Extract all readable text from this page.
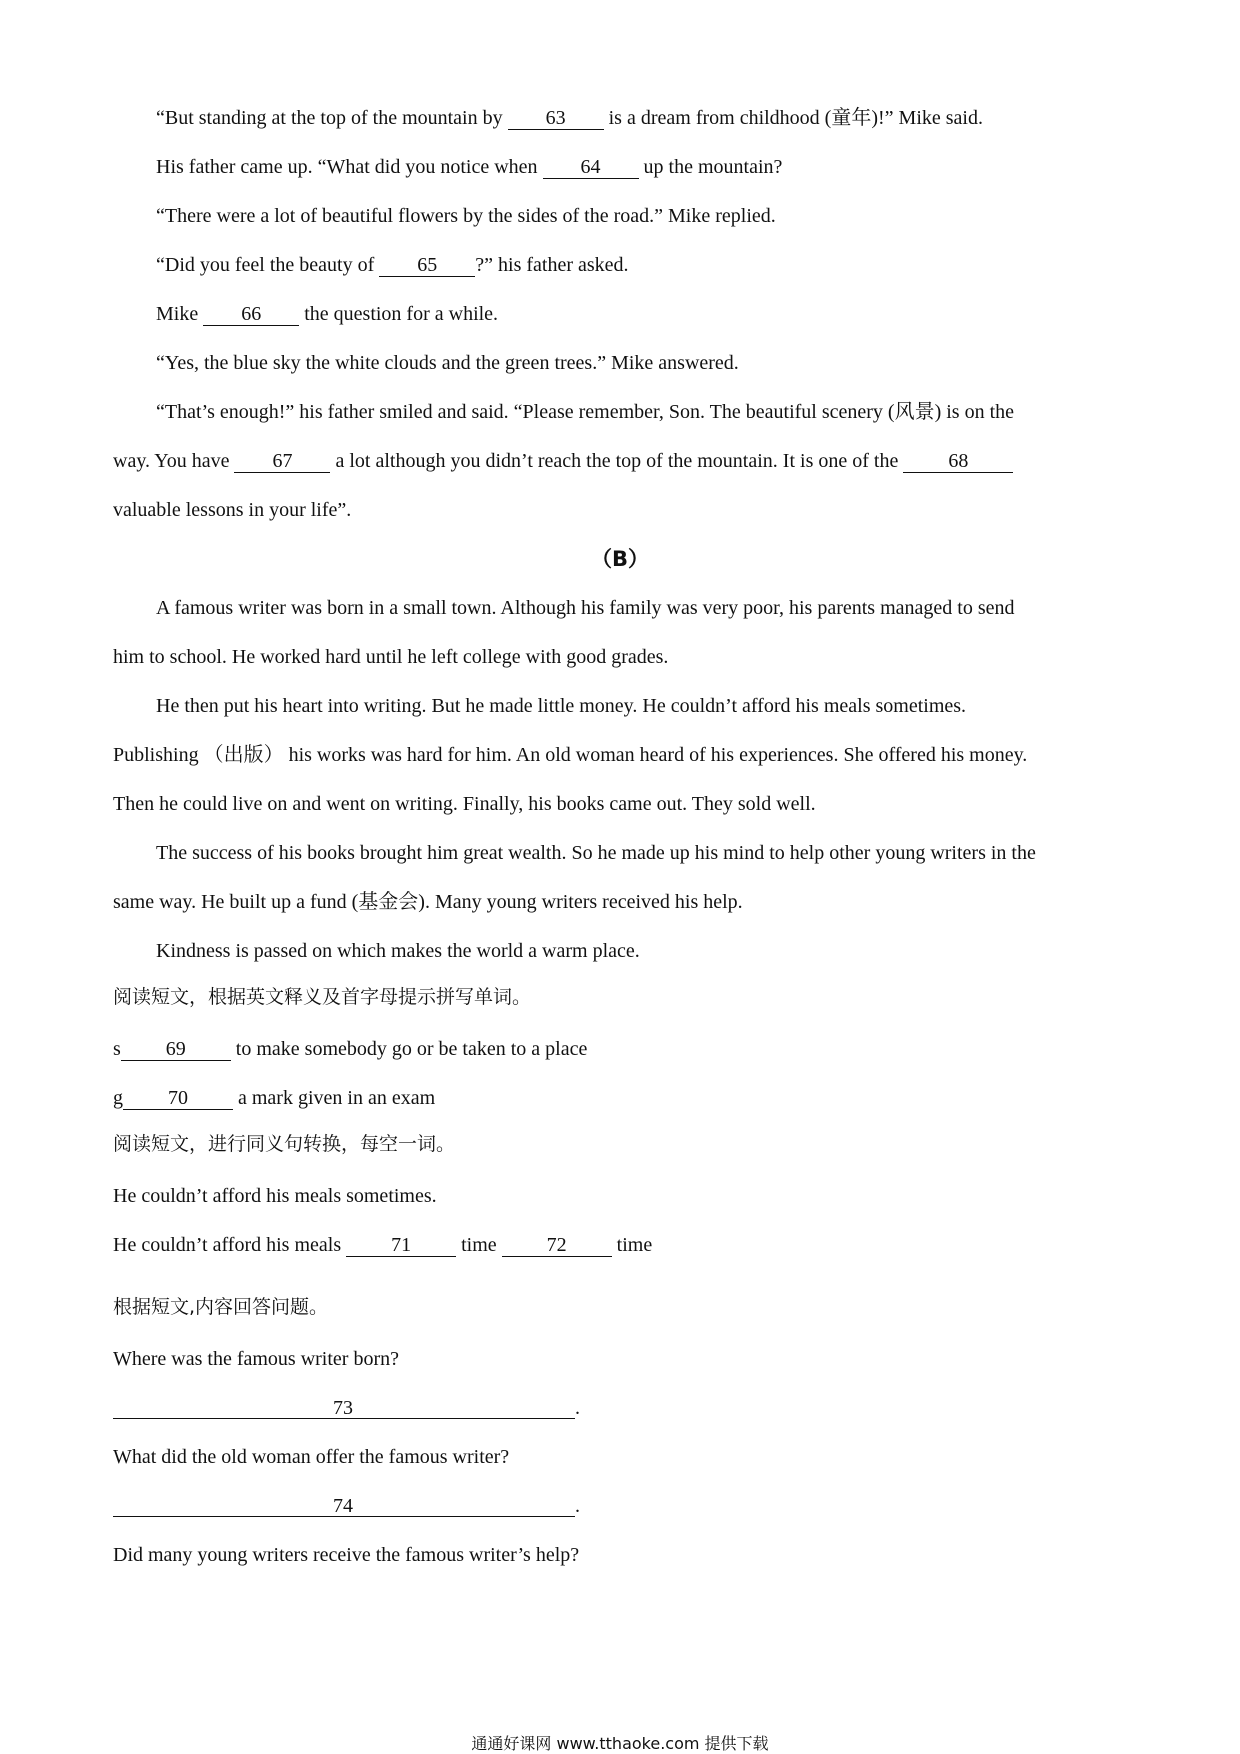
“But standing at the top of the mountain by 63 is a dream from childhood (童年)!” Mike said.
His father came up. “What did you notice when 64 up the mountain?
“There were a lot of beautiful flowers by the sides of the road.” Mike replied.
“Did you feel the beauty of 65 ?” his father asked.
Mike 66 the question for a while.
“Yes, the blue sky the white clouds and the green trees.” Mike answered.
“That’s enough!” his father smiled and said. “Please remember, Son. The beautiful scenery (风景) is on the
way. You have 67 a lot although you didn’t reach the top of the mountain. It is one of the 68
valuable lessons in your life”.
（B）
A famous writer was born in a small town. Although his family was very poor, his parents managed to send
him to school. He worked hard until he left college with good grades.
He then put his heart into writing. But he made little money. He couldn’t afford his meals sometimes.
Publishing （出版） his works was hard for him. An old woman heard of his experiences. She offered his money.
Then he could live on and went on writing. Finally, his books came out. They sold well.
The success of his books brought him great wealth. So he made up his mind to help other young writers in the
same way. He built up a fund (基金会). Many young writers received his help.
Kindness is passed on which makes the world a warm place.
阅读短文，根据英文释义及首字母提示拼写单词。
s 69 to make somebody go or be taken to a place
g 70 a mark given in an exam
阅读短文，进行同义句转换，每空一词。
He couldn’t afford his meals sometimes.
He couldn’t afford his meals 71 time 72 time
根据短文,内容回答问题。
Where was the famous writer born?
73	.
What did the old woman offer the famous writer?
74	.
Did many young writers receive the famous writer’s help?
通通好课网 www.tthaoke.com 提供下载
